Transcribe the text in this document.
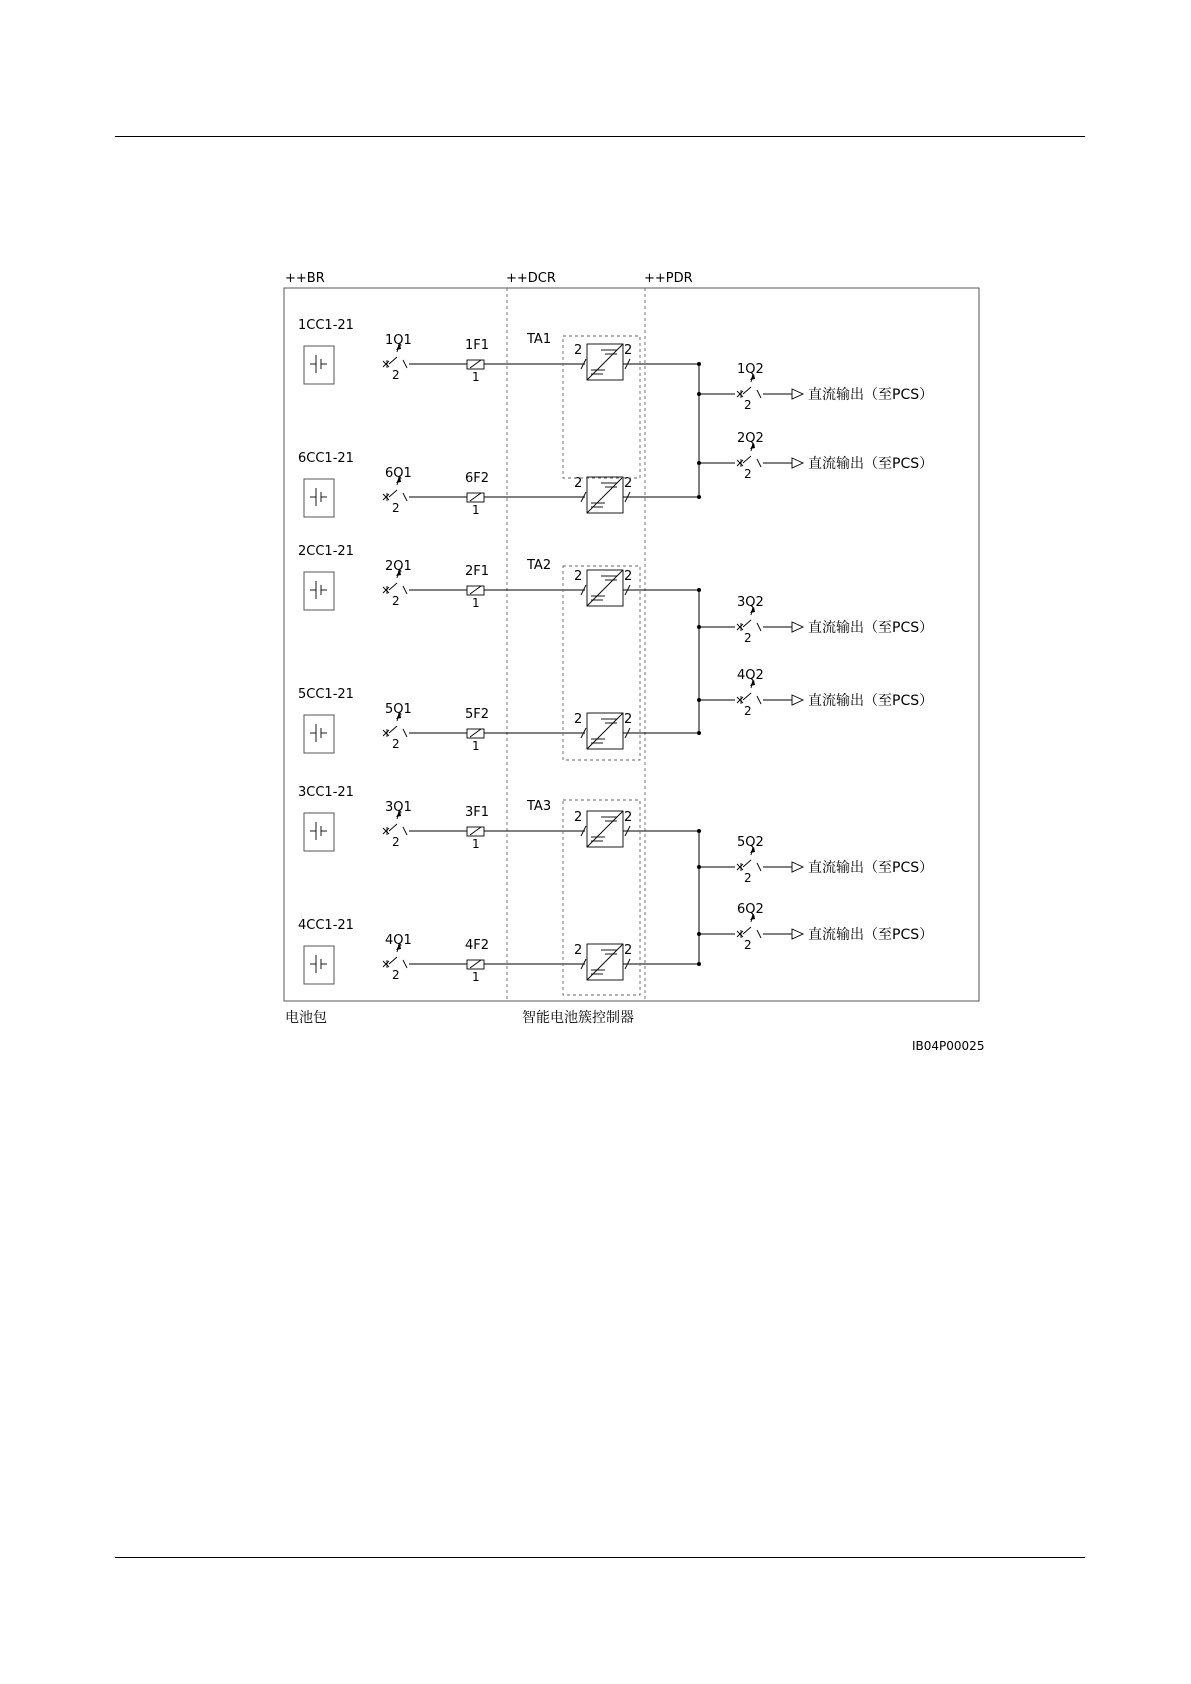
++BR	++DCR	++PDR
电池包	智能电池簇控制器
IB04P00025
1CC1-21
1Q1
2
1F1
1
TA1
2	2
6CC1-21
6Q1
2
6F2
1
2	2
2CC1-21
2Q1
2
2F1
1
TA2
2	2
5CC1-21
5Q1
2
5F2
1
2	2
3CC1-21
3Q1
2
3F1
1
TA3
2	2
4CC1-21
4Q1
2
4F2
1
2	2
1Q2
2
直流输出（至PCS）
2Q2
2
直流输出（至PCS）
3Q2
2
直流输出（至PCS）
4Q2
2
直流输出（至PCS）
5Q2
2
直流输出（至PCS）
6Q2
2
直流输出（至PCS）
